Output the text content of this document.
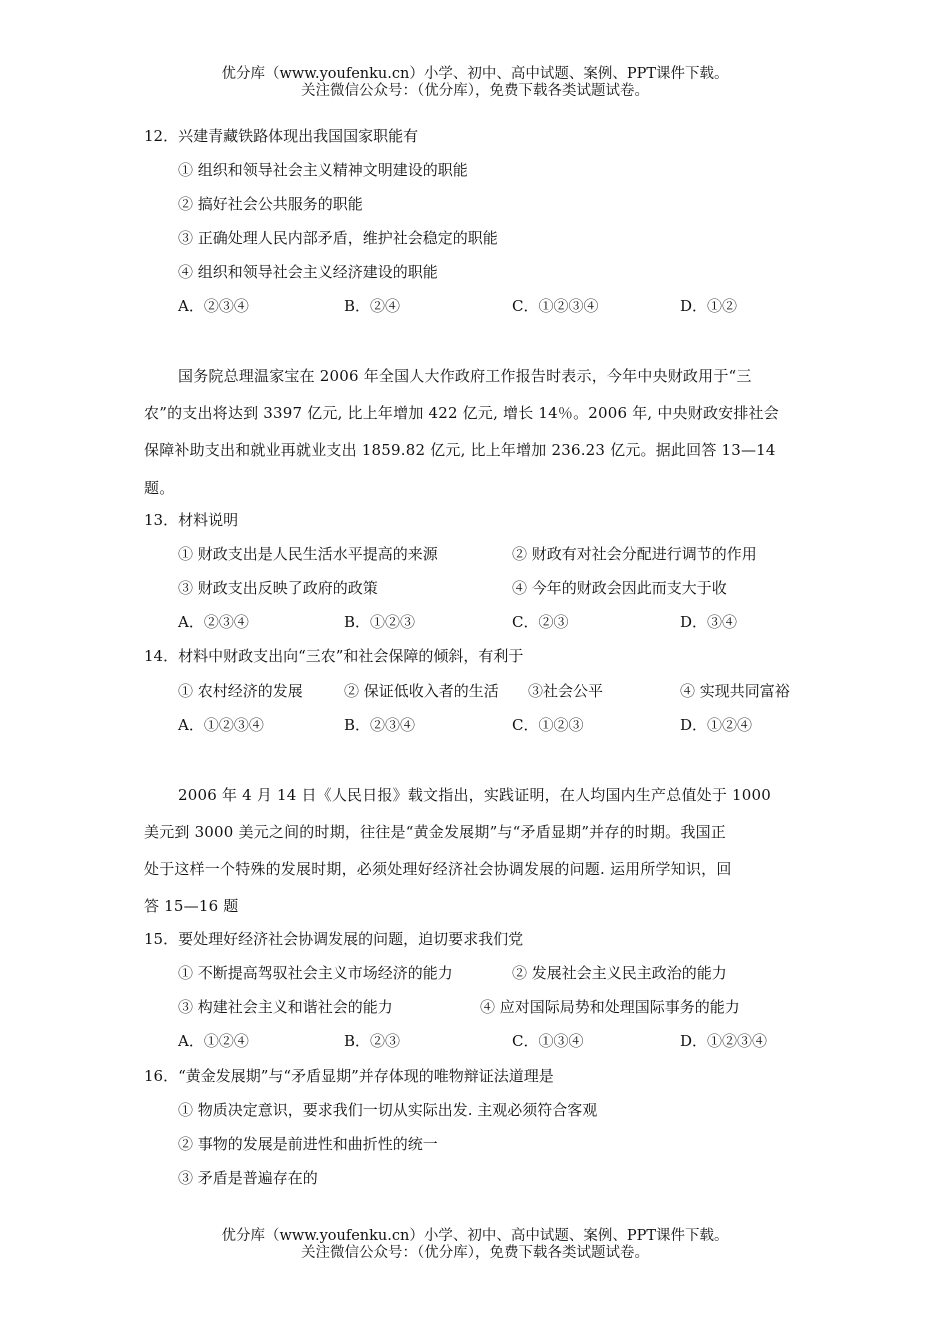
优分库（www.youfenku.cn）小学、初中、高中试题、案例、PPT课件下载。
关注微信公众号：（优分库），免费下载各类试题试卷。
12．兴建青藏铁路体现出我国国家职能有
① 组织和领导社会主义精神文明建设的职能
② 搞好社会公共服务的职能
③ 正确处理人民内部矛盾，维护社会稳定的职能
④ 组织和领导社会主义经济建设的职能
A．②③④	B．②④	C．①②③④	D．①②
国务院总理温家宝在 2006 年全国人大作政府工作报告时表示，今年中央财政用于“三
农”的支出将达到 3397 亿元, 比上年增加 422 亿元, 增长 14％。2006 年, 中央财政安排社会
保障补助支出和就业再就业支出 1859.82 亿元, 比上年增加 236.23 亿元。据此回答 13—14
题。
13．材料说明
① 财政支出是人民生活水平提高的来源	② 财政有对社会分配进行调节的作用
③ 财政支出反映了政府的政策	④ 今年的财政会因此而支大于收
A．②③④	B．①②③	C．②③	D．③④
14．材料中财政支出向“三农”和社会保障的倾斜，有利于
① 农村经济的发展	② 保证低收入者的生活 ③社会公平	④ 实现共同富裕
A．①②③④	B．②③④	C．①②③	D．①②④
2006 年 4 月 14 日《人民日报》载文指出，实践证明，在人均国内生产总值处于 1000
美元到 3000 美元之间的时期，往往是“黄金发展期”与“矛盾显期”并存的时期。我国正
处于这样一个特殊的发展时期，必须处理好经济社会协调发展的问题. 运用所学知识，回
答 15—16 题
15．要处理好经济社会协调发展的问题，迫切要求我们党
① 不断提高驾驭社会主义市场经济的能力	② 发展社会主义民主政治的能力
③ 构建社会主义和谐社会的能力	④ 应对国际局势和处理国际事务的能力
A．①②④	B．②③	C．①③④	D．①②③④
16．“黄金发展期”与“矛盾显期”并存体现的唯物辩证法道理是
① 物质决定意识，要求我们一切从实际出发. 主观必须符合客观
② 事物的发展是前进性和曲折性的统一
③ 矛盾是普遍存在的
优分库（www.youfenku.cn）小学、初中、高中试题、案例、PPT课件下载。
关注微信公众号：（优分库），免费下载各类试题试卷。
